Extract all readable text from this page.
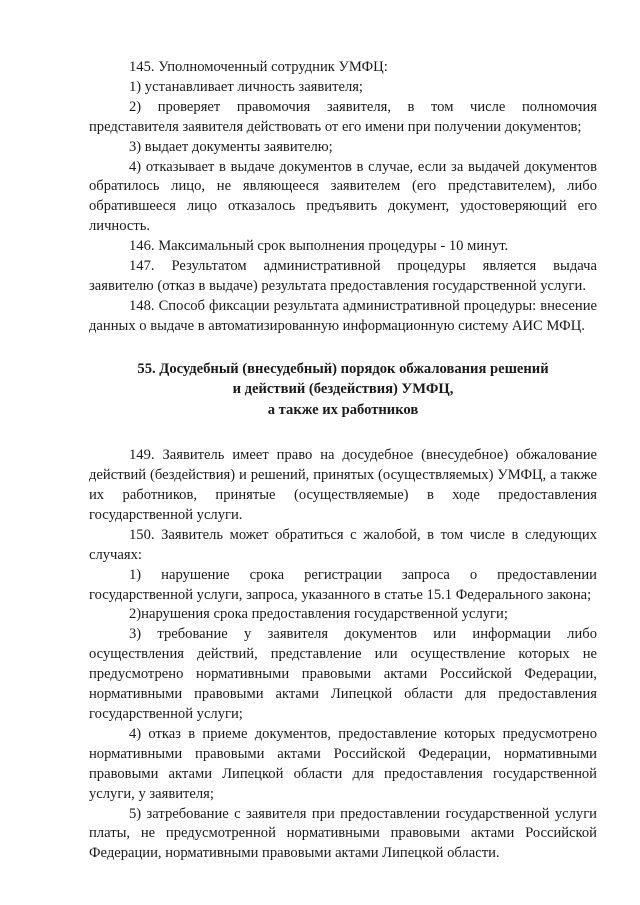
145. Уполномоченный сотрудник УМФЦ:

1) устанавливает личность заявителя;

2) проверяет правомочия заявителя, в том числе полномочия представителя заявителя действовать от его имени при получении документов;

3) выдает документы заявителю;

4) отказывает в выдаче документов в случае, если за выдачей документов обратилось лицо, не являющееся заявителем (его представителем), либо обратившееся лицо отказалось предъявить документ, удостоверяющий его личность.

146. Максимальный срок выполнения процедуры - 10 минут.

147. Результатом административной процедуры является выдача заявителю (отказ в выдаче) результата предоставления государственной услуги.

148. Способ фиксации результата административной процедуры: внесение данных о выдаче в автоматизированную информационную систему АИС МФЦ.

55. Досудебный (внесудебный) порядок обжалования решений
и действий (бездействия) УМФЦ,
а также их работников

149. Заявитель имеет право на досудебное (внесудебное) обжалование действий (бездействия) и решений, принятых (осуществляемых) УМФЦ, а также их работников, принятые (осуществляемые) в ходе предоставления государственной услуги.

150. Заявитель может обратиться с жалобой, в том числе в следующих случаях:

1) нарушение срока регистрации запроса о предоставлении государственной услуги, запроса, указанного в статье 15.1 Федерального закона;

2)нарушения срока предоставления государственной услуги;

3) требование у заявителя документов или информации либо осуществления действий, представление или осуществление которых не предусмотрено нормативными правовыми актами Российской Федерации, нормативными правовыми актами Липецкой области для предоставления государственной услуги;

4) отказ в приеме документов, предоставление которых предусмотрено нормативными правовыми актами Российской Федерации, нормативными правовыми актами Липецкой области для предоставления государственной услуги, у заявителя;

5) затребование с заявителя при предоставлении государственной услуги платы, не предусмотренной нормативными правовыми актами Российской Федерации, нормативными правовыми актами Липецкой области.
